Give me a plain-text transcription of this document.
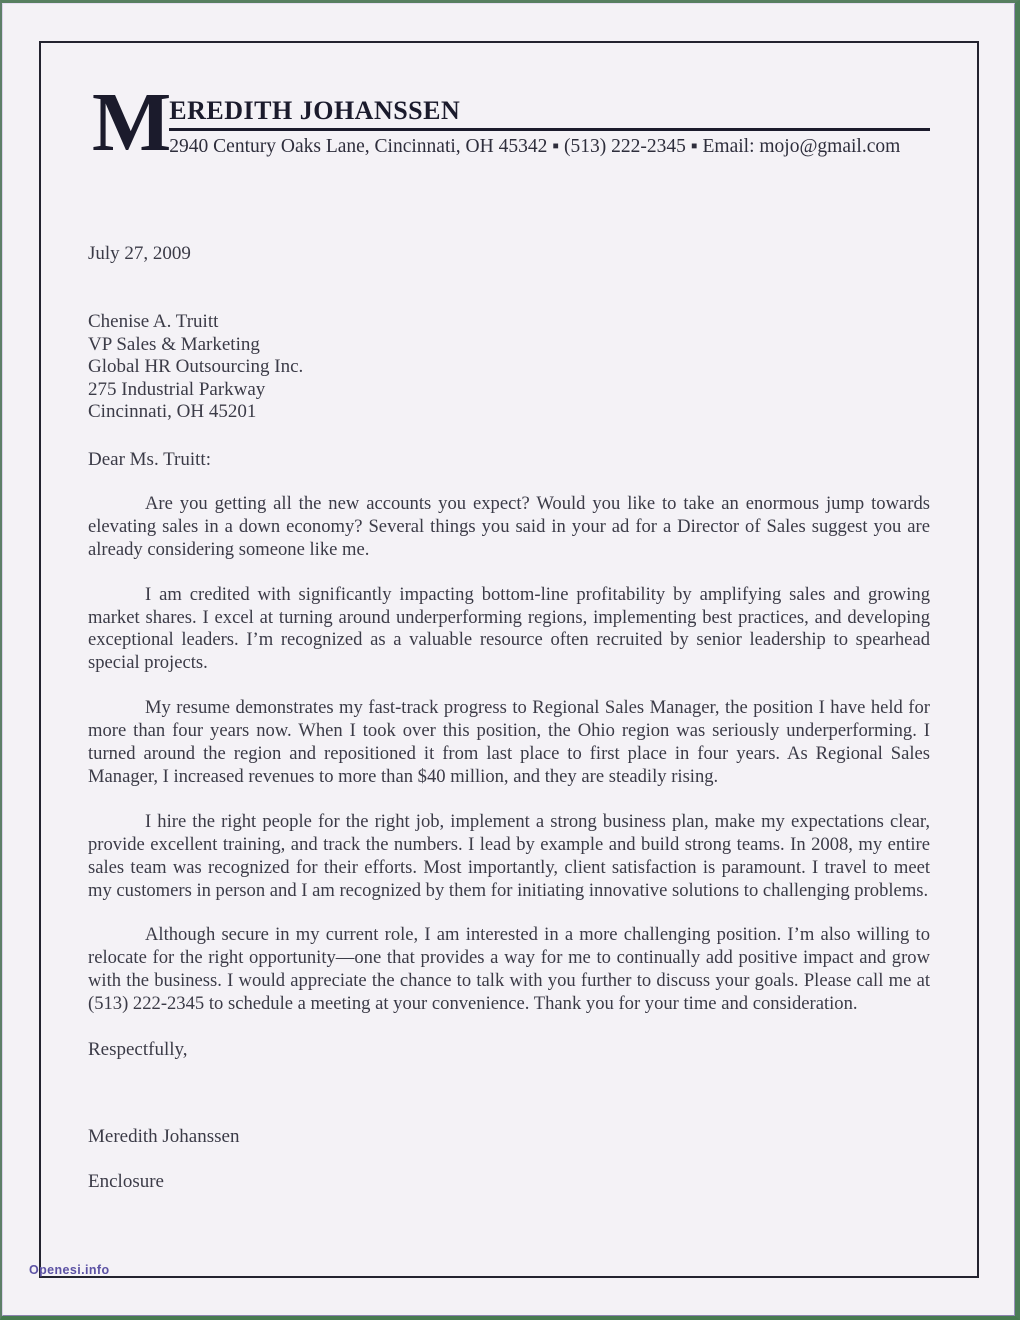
M EREDITH JOHANSSEN
2940 Century Oaks Lane, Cincinnati, OH 45342 ▪ (513) 222-2345 ▪ Email: mojo@gmail.com
July 27, 2009
Chenise A. Truitt
VP Sales & Marketing
Global HR Outsourcing Inc.
275 Industrial Parkway
Cincinnati, OH 45201
Dear Ms. Truitt:

Are you getting all the new accounts you expect? Would you like to take an enormous jump towards elevating sales in a down economy? Several things you said in your ad for a Director of Sales suggest you are already considering someone like me.

I am credited with significantly impacting bottom-line profitability by amplifying sales and growing market shares. I excel at turning around underperforming regions, implementing best practices, and developing exceptional leaders. I’m recognized as a valuable resource often recruited by senior leadership to spearhead special projects.

My resume demonstrates my fast-track progress to Regional Sales Manager, the position I have held for more than four years now. When I took over this position, the Ohio region was seriously underperforming. I turned around the region and repositioned it from last place to first place in four years. As Regional Sales Manager, I increased revenues to more than $40 million, and they are steadily rising.

I hire the right people for the right job, implement a strong business plan, make my expectations clear, provide excellent training, and track the numbers. I lead by example and build strong teams. In 2008, my entire sales team was recognized for their efforts. Most importantly, client satisfaction is paramount. I travel to meet my customers in person and I am recognized by them for initiating innovative solutions to challenging problems.

Although secure in my current role, I am interested in a more challenging position. I’m also willing to relocate for the right opportunity—one that provides a way for me to continually add positive impact and grow with the business. I would appreciate the chance to talk with you further to discuss your goals. Please call me at (513) 222-2345 to schedule a meeting at your convenience. Thank you for your time and consideration.

Respectfully,
Meredith Johanssen
Enclosure
Openesi.info
